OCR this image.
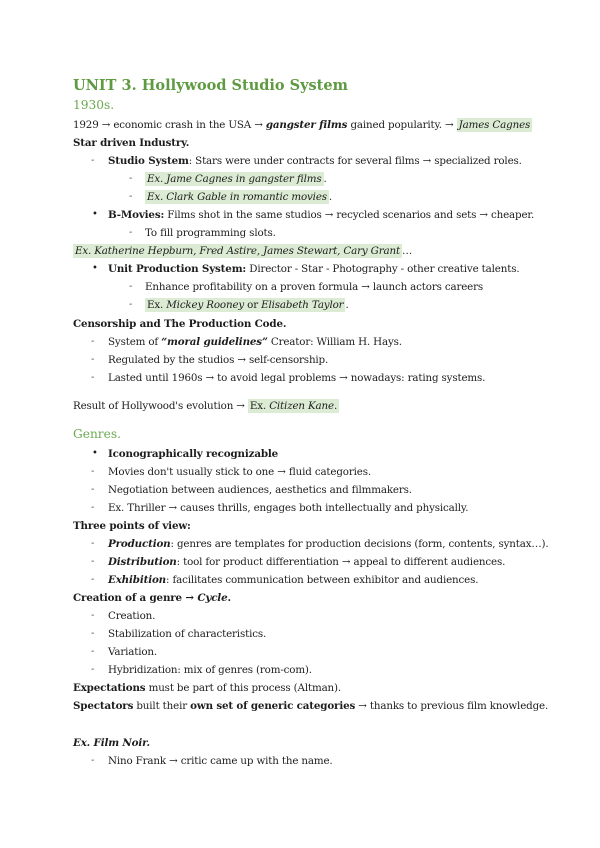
UNIT 3. Hollywood Studio System
1930s.
1929 → economic crash in the USA → gangster films gained popularity. → James Cagnes
Star driven Industry.
- Studio System: Stars were under contracts for several films → specialized roles.
- Ex. Jame Cagnes in gangster films .
- Ex. Clark Gable in romantic movies .
• B-Movies: Films shot in the same studios → recycled scenarios and sets → cheaper.
- To fill programming slots.
Ex. Katherine Hepburn, Fred Astire, James Stewart, Cary Grant …
• Unit Production System: Director - Star - Photography - other creative talents.
- Enhance profitability on a proven formula → launch actors careers
- Ex. Mickey Rooney or Elisabeth Taylor .
Censorship and The Production Code.
- System of “moral guidelines” Creator: William H. Hays.
- Regulated by the studios → self-censorship.
- Lasted until 1960s → to avoid legal problems → nowadays: rating systems.
Result of Hollywood's evolution → Ex. Citizen Kane.
Genres.
• Iconographically recognizable
- Movies don't usually stick to one → fluid categories.
- Negotiation between audiences, aesthetics and filmmakers.
- Ex. Thriller → causes thrills, engages both intellectually and physically.
Three points of view:
- Production: genres are templates for production decisions (form, contents, syntax…).
- Distribution: tool for product differentiation → appeal to different audiences.
- Exhibition: facilitates communication between exhibitor and audiences.
Creation of a genre → Cycle.
- Creation.
- Stabilization of characteristics.
- Variation.
- Hybridization: mix of genres (rom-com).
Expectations must be part of this process (Altman).
Spectators built their own set of generic categories → thanks to previous film knowledge.
Ex. Film Noir.
- Nino Frank → critic came up with the name.
